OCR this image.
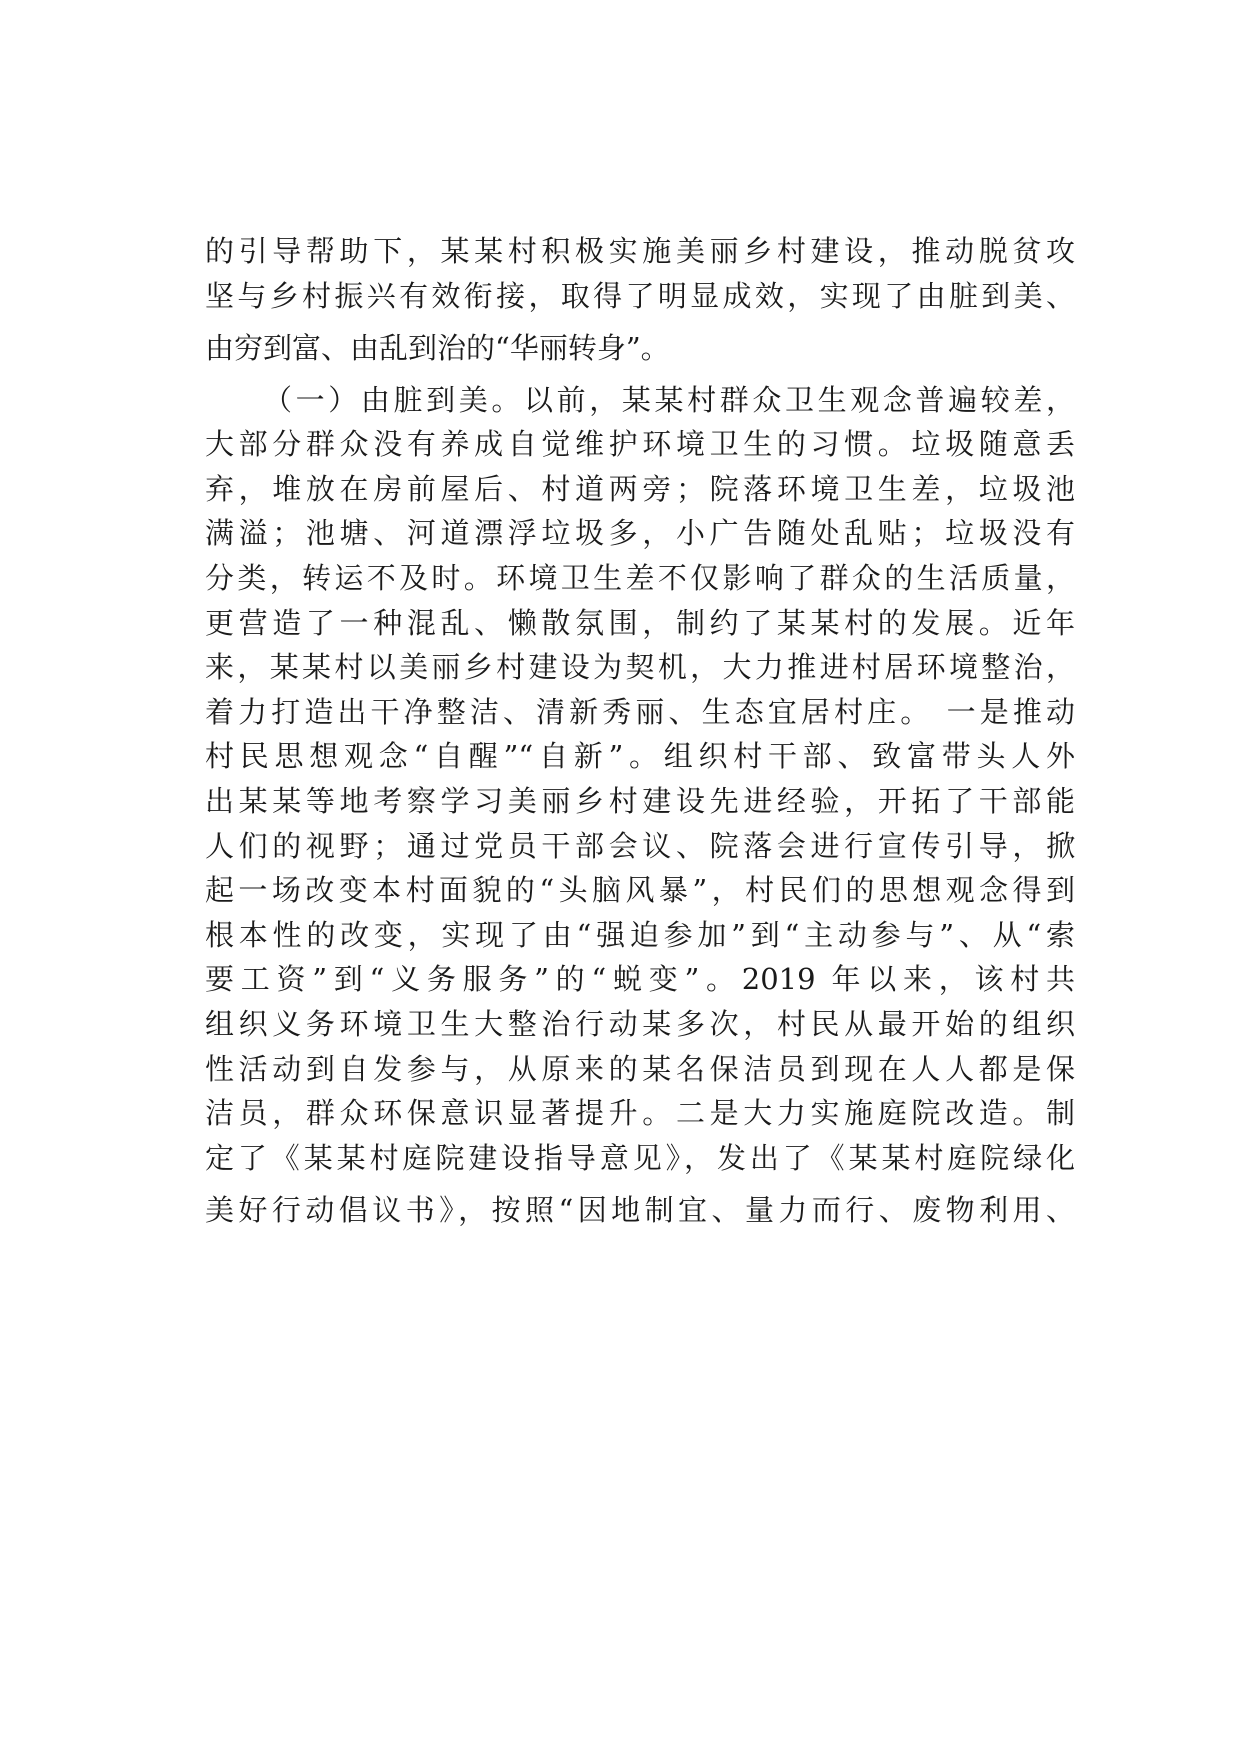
的引导帮助下，某某村积极实施美丽乡村建设，推动脱贫攻
坚与乡村振兴有效衔接，取得了明显成效，实现了由脏到美、
由穷到富、由乱到治的“华丽转身”。
（一）由脏到美。以前，某某村群众卫生观念普遍较差，
大部分群众没有养成自觉维护环境卫生的习惯。垃圾随意丢
弃，堆放在房前屋后、村道两旁；院落环境卫生差，垃圾池
满溢；池塘、河道漂浮垃圾多，小广告随处乱贴；垃圾没有
分类，转运不及时。环境卫生差不仅影响了群众的生活质量，
更营造了一种混乱、懒散氛围，制约了某某村的发展。近年
来，某某村以美丽乡村建设为契机，大力推进村居环境整治，
着力打造出干净整洁、清新秀丽、生态宜居村庄。 一是推动
村民思想观念“自醒”“自新”。组织村干部、致富带头人外
出某某等地考察学习美丽乡村建设先进经验，开拓了干部能
人们的视野；通过党员干部会议、院落会进行宣传引导，掀
起一场改变本村面貌的“头脑风暴”，村民们的思想观念得到
根本性的改变，实现了由“强迫参加”到“主动参与”、从“索
要工资”到“义务服务”的“蜕变”。2019 年以来，该村共
组织义务环境卫生大整治行动某多次，村民从最开始的组织
性活动到自发参与，从原来的某名保洁员到现在人人都是保
洁员，群众环保意识显著提升。二是大力实施庭院改造。制
定了《某某村庭院建设指导意见》，发出了《某某村庭院绿化
美好行动倡议书》，按照“因地制宜、量力而行、废物利用、
